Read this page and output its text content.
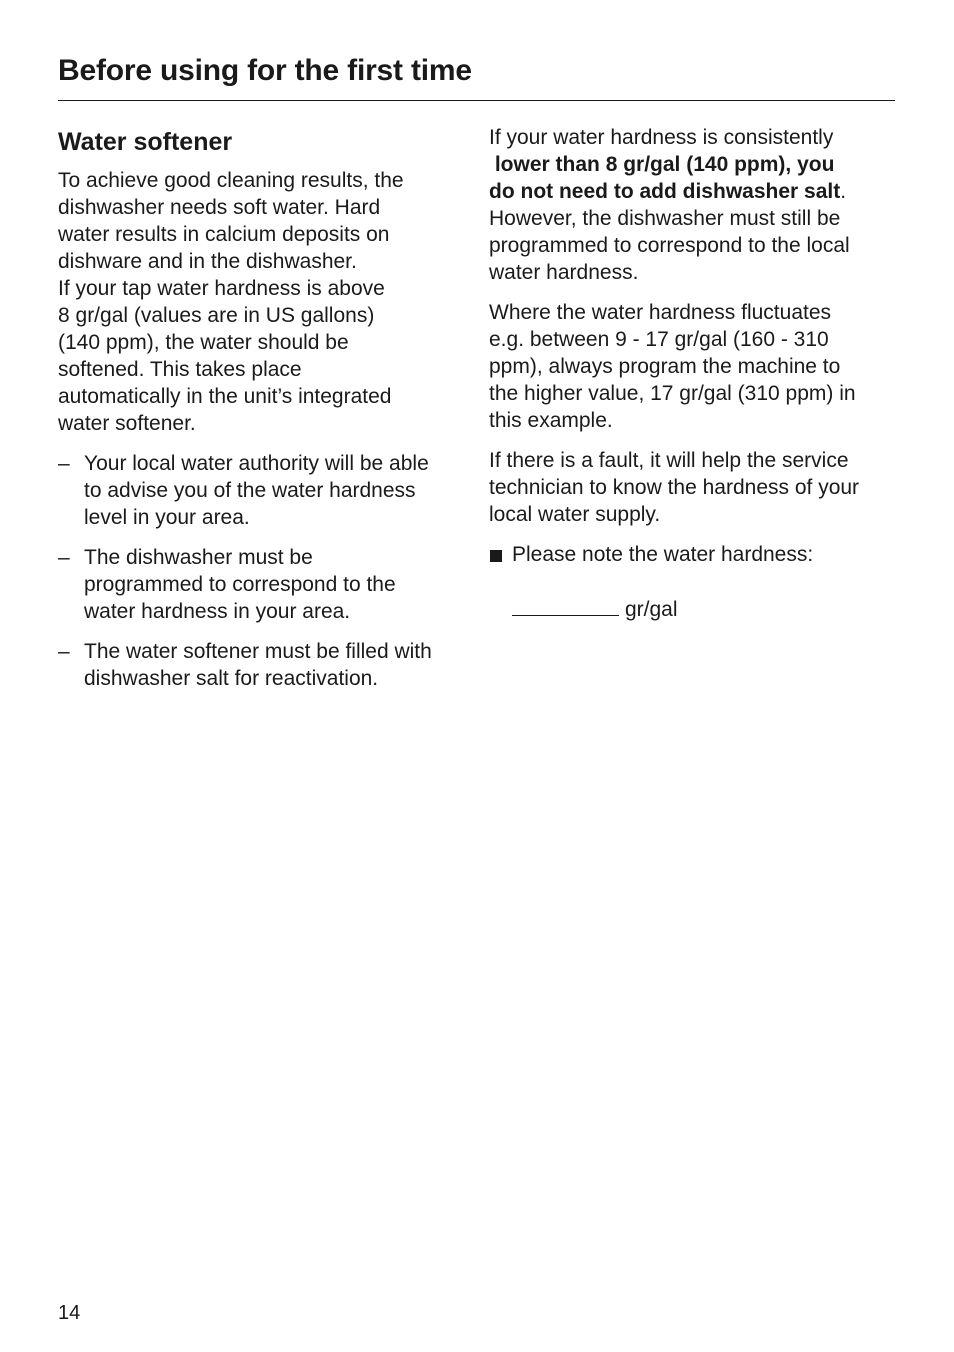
Before using for the first time
Water softener

To achieve good cleaning results, the
dishwasher needs soft water. Hard
water results in calcium deposits on
dishware and in the dishwasher.
If your tap water hardness is above
8 gr/gal (values are in US gallons)
(140 ppm), the water should be
softened. This takes place
automatically in the unit’s integrated
water softener.

– Your local water authority will be able
to advise you of the water hardness
level in your area.
– The dishwasher must be
programmed to correspond to the
water hardness in your area.
– The water softener must be filled with
dishwasher salt for reactivation.

If your water hardness is consistently
lower than 8 gr/gal (140 ppm), you
do not need to add dishwasher salt.
However, the dishwasher must still be
programmed to correspond to the local
water hardness.

Where the water hardness fluctuates
e.g. between 9 - 17 gr/gal (160 - 310
ppm), always program the machine to
the higher value, 17 gr/gal (310 ppm) in
this example.

If there is a fault, it will help the service
technician to know the hardness of your
local water supply.

Please note the water hardness:
gr/gal
14
